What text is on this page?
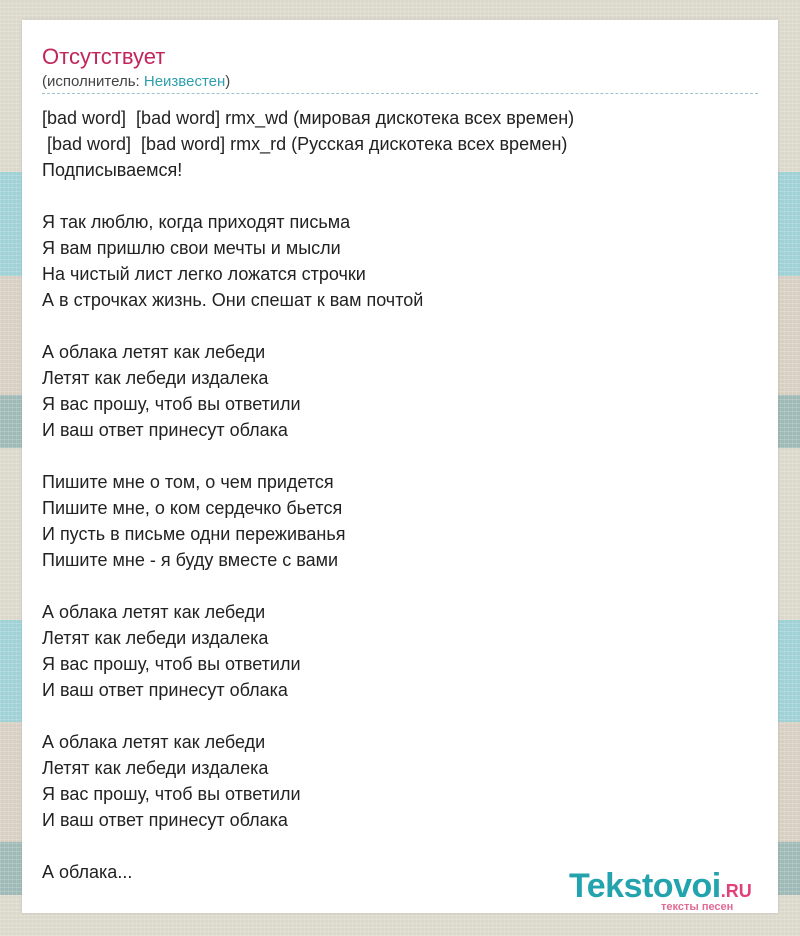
Отсутствует
(исполнитель: Неизвестен)
[bad word]  [bad word] rmx_wd (мировая дискотека всех времен)
[bad word]  [bad word] rmx_rd (Русская дискотека всех времен)
Подписываемся!
Я так люблю, когда приходят письма
Я вам пришлю свои мечты и мысли
На чистый лист легко ложатся строчки
А в строчках жизнь. Они спешат к вам почтой
А облака летят как лебеди
Летят как лебеди издалека
Я вас прошу, чтоб вы ответили
И ваш ответ принесут облака
Пишите мне о том, о чем придется
Пишите мне, о ком сердечко бьется
И пусть в письме одни переживанья
Пишите мне - я буду вместе с вами
А облака летят как лебеди
Летят как лебеди издалека
Я вас прошу, чтоб вы ответили
И ваш ответ принесут облака
А облака летят как лебеди
Летят как лебеди издалека
Я вас прошу, чтоб вы ответили
И ваш ответ принесут облака
А облака...	Tekstovoi.RU
тексты песен
